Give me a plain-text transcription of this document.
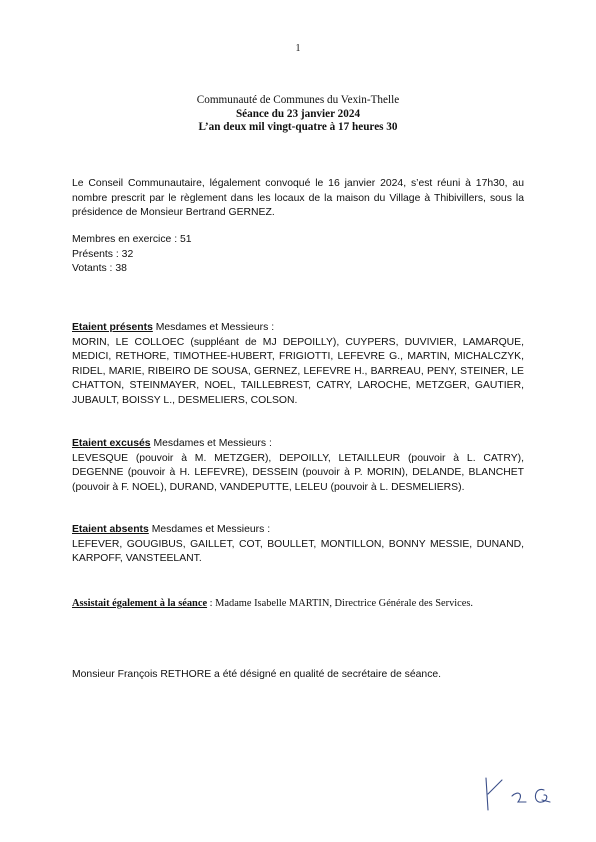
1
Communauté de Communes du Vexin-Thelle
Séance du 23 janvier 2024
L’an deux mil vingt-quatre à 17 heures 30
Le Conseil Communautaire, légalement convoqué le 16 janvier 2024, s’est réuni à 17h30, au nombre prescrit par le règlement dans les locaux de la maison du Village à Thibivillers, sous la présidence de Monsieur Bertrand GERNEZ.
Membres en exercice : 51
Présents : 32
Votants : 38
Etaient présents Mesdames et Messieurs :
MORIN, LE COLLOEC (suppléant de MJ DEPOILLY), CUYPERS, DUVIVIER, LAMARQUE, MEDICI, RETHORE, TIMOTHEE-HUBERT, FRIGIOTTI, LEFEVRE G., MARTIN, MICHALCZYK, RIDEL, MARIE, RIBEIRO DE SOUSA, GERNEZ, LEFEVRE H., BARREAU, PENY, STEINER, LE CHATTON, STEINMAYER, NOEL, TAILLEBREST, CATRY, LAROCHE, METZGER, GAUTIER, JUBAULT, BOISSY L., DESMELIERS, COLSON.
Etaient excusés Mesdames et Messieurs :
LEVESQUE (pouvoir à M. METZGER), DEPOILLY, LETAILLEUR (pouvoir à L. CATRY), DEGENNE (pouvoir à H. LEFEVRE), DESSEIN (pouvoir à P. MORIN), DELANDE, BLANCHET (pouvoir à F. NOEL), DURAND, VANDEPUTTE, LELEU (pouvoir à L. DESMELIERS).
Etaient absents Mesdames et Messieurs :
LEFEVER, GOUGIBUS, GAILLET, COT, BOULLET, MONTILLON, BONNY MESSIE, DUNAND, KARPOFF, VANSTEELANT.
Assistait également à la séance : Madame Isabelle MARTIN, Directrice Générale des Services.
Monsieur François RETHORE a été désigné en qualité de secrétaire de séance.
